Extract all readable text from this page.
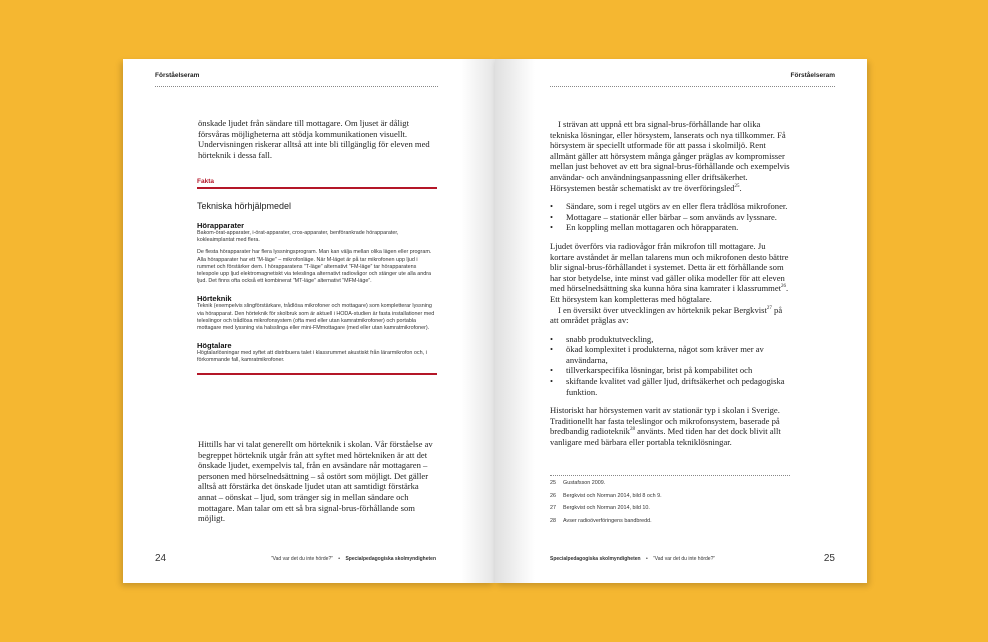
Förståelseram

önskade ljudet från sändare till mottagare. Om ljuset är dåligt försvåras möjligheterna att stödja kommunikationen visuellt. Undervisningen riskerar alltså att inte bli tillgänglig för eleven med hörteknik i dessa fall.

Fakta
Tekniska hörhjälpmedel
Hörapparater

Bakom-örat-apparater, i-örat-apparater, cros-apparater, benförankrade hörapparater, kokleaimplantat med flera.

De flesta hörapparater har flera lyssningsprogram. Man kan välja mellan olika lägen eller program. Alla hörapparater har ett ”M-läge” – mikrofonläge. När M-läget är på tar mikrofonen upp ljud i rummet och förstärker dem. I hörapparatens ”T-läge” alternativt ”FM-läge” tar hörapparatens telespole upp ljud elektromagnetiskt via teleslinga alternativt radiovågor och stänger ute alla andra ljud. Det finns ofta också ett kombinerat ”MT-läge” alternativt ”MFM-läge”.

Hörteknik

Teknik (exempelvis slingförstärkare, trådlösa mikrofoner och mottagare) som kompletterar lyssning via hörapparat. Den hörteknik för skolbruk som är aktuell i HODA-studien är fasta installationer med teleslingor och trådlösa mikrofonsystem (ofta med eller utan kamratmikrofoner) och portabla mottagare med lyssning via halsslinga eller mini-FMmottagare (med eller utan kamratmikrofoner).

Högtalare

Högtalarlösningar med syftet att distribuera talet i klassrummet akustiskt från lärarmikrofon och, i förkommande fall, kamratmikrofoner.

Hittills har vi talat generellt om hörteknik i skolan. Vår förståelse av begreppet hörteknik utgår från att syftet med hörtekniken är att det önskade ljudet, exempelvis tal, från en avsändare når mottagaren – personen med hörselnedsättning – så ostört som möjligt. Det gäller alltså att förstärka det önskade ljudet utan att samtidigt förstärka annat – oönskat – ljud, som tränger sig in mellan sändare och mottagare. Man talar om ett så bra signal-brus-förhållande som möjligt.

24	”Vad var det du inte hörde?” • Specialpedagogiska skolmyndigheten
Förståelseram

I strävan att uppnå ett bra signal-brus-förhållande har olika tekniska lösningar, eller hörsystem, lanserats och nya tillkommer. Få hörsystem är speciellt utformade för att passa i skolmiljö. Rent allmänt gäller att hörsystem många gånger präglas av kompromisser mellan just behovet av ett bra signal-brus-förhållande och exempelvis användar- och användningsanpassning eller driftsäkerhet. Hörsystemen består schematiskt av tre överföringsled$^{25}$.

• Sändare, som i regel utgörs av en eller flera trådlösa mikrofoner.
• Mottagare – stationär eller bärbar – som används av lyssnare.
• En koppling mellan mottagaren och hörapparaten.

Ljudet överförs via radiovågor från mikrofon till mottagare. Ju kortare avståndet är mellan talarens mun och mikrofonen desto bättre blir signal-brus-förhållandet i systemet. Detta är ett förhållande som har stor betydelse, inte minst vad gäller olika modeller för att eleven med hörselnedsättning ska kunna höra sina kamrater i klassrummet$^{26}$. Ett hörsystem kan kompletteras med högtalare.

I en översikt över utvecklingen av hörteknik pekar Bergkvist$^{27}$ på att området präglas av:

• snabb produktutveckling,
• ökad komplexitet i produkterna, något som kräver mer av användarna,
• tillverkarspecifika lösningar, brist på kompabilitet och
• skiftande kvalitet vad gäller ljud, driftsäkerhet och pedagogiska funktion.

Historiskt har hörsystemen varit av stationär typ i skolan i Sverige. Traditionellt har fasta teleslingor och mikrofonsystem, baserade på bredbandig radioteknik$^{28}$ använts. Med tiden har det dock blivit allt vanligare med bärbara eller portabla tekniklösningar.

25 Gustafsson 2009.
26 Bergkvist och Norman 2014, bild 8 och 9.
27 Bergkvist och Norman 2014, bild 10.
28 Avser radioöverföringens bandbredd.
Specialpedagogiska skolmyndigheten • ”Vad var det du inte hörde?”	25
